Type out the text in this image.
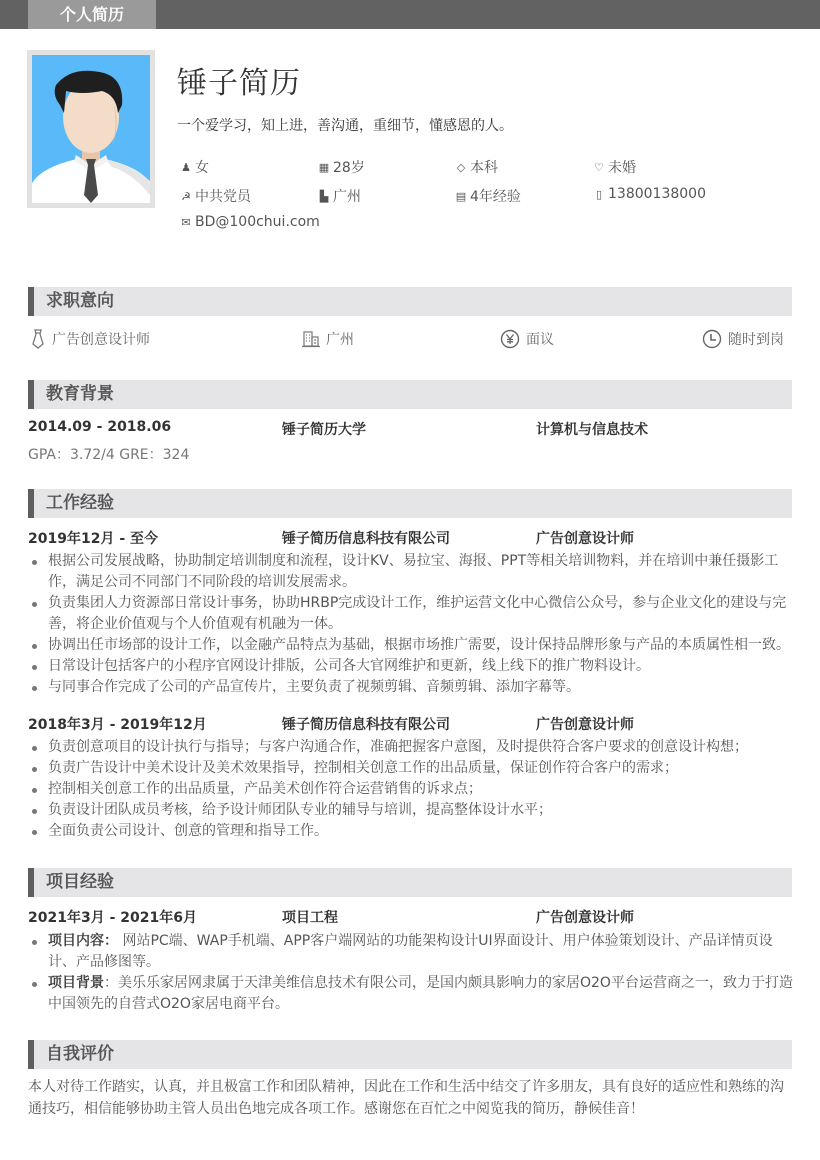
个人简历
锤子简历
一个爱学习，知上进，善沟通，重细节，懂感恩的人。
♟ 女	▦ 28岁	◇ 本科	♡ 未婚
☭ 中共党员	▙ 广州	▤ 4年经验	▯ 13800138000
✉ BD@100chui.com
求职意向
广告创意设计师	广州	面议	随时到岗
教育背景
2014.09 - 2018.06	锤子简历大学	计算机与信息技术
GPA：3.72/4 GRE：324
工作经验
2019年12月 - 至今	锤子简历信息科技有限公司	广告创意设计师
根据公司发展战略，协助制定培训制度和流程，设计KV、易拉宝、海报、PPT等相关培训物料，并在培训中兼任摄影工作，满足公司不同部门不同阶段的培训发展需求。
负责集团人力资源部日常设计事务，协助HRBP完成设计工作，维护运营文化中心微信公众号，参与企业文化的建设与完善，将企业价值观与个人价值观有机融为一体。
协调出任市场部的设计工作，以金融产品特点为基础，根据市场推广需要，设计保持品牌形象与产品的本质属性相一致。
日常设计包括客户的小程序官网设计排版，公司各大官网维护和更新，线上线下的推广物料设计。
与同事合作完成了公司的产品宣传片，主要负责了视频剪辑、音频剪辑、添加字幕等。
2018年3月 - 2019年12月	锤子简历信息科技有限公司	广告创意设计师
负责创意项目的设计执行与指导；与客户沟通合作，准确把握客户意图，及时提供符合客户要求的创意设计构想；
负责广告设计中美术设计及美术效果指导，控制相关创意工作的出品质量，保证创作符合客户的需求；
控制相关创意工作的出品质量，产品美术创作符合运营销售的诉求点；
负责设计团队成员考核，给予设计师团队专业的辅导与培训，提高整体设计水平；
全面负责公司设计、创意的管理和指导工作。
项目经验
2021年3月 - 2021年6月	项目工程	广告创意设计师
项目内容： 网站PC端、WAP手机端、APP客户端网站的功能架构设计UI界面设计、用户体验策划设计、产品详情页设计、产品修图等。
项目背景：美乐乐家居网隶属于天津美维信息技术有限公司，是国内颇具影响力的家居O2O平台运营商之一，致力于打造中国领先的自营式O2O家居电商平台。
自我评价
本人对待工作踏实，认真，并且极富工作和团队精神，因此在工作和生活中结交了许多朋友，具有良好的适应性和熟练的沟通技巧，相信能够协助主管人员出色地完成各项工作。感谢您在百忙之中阅览我的简历，静候佳音！
